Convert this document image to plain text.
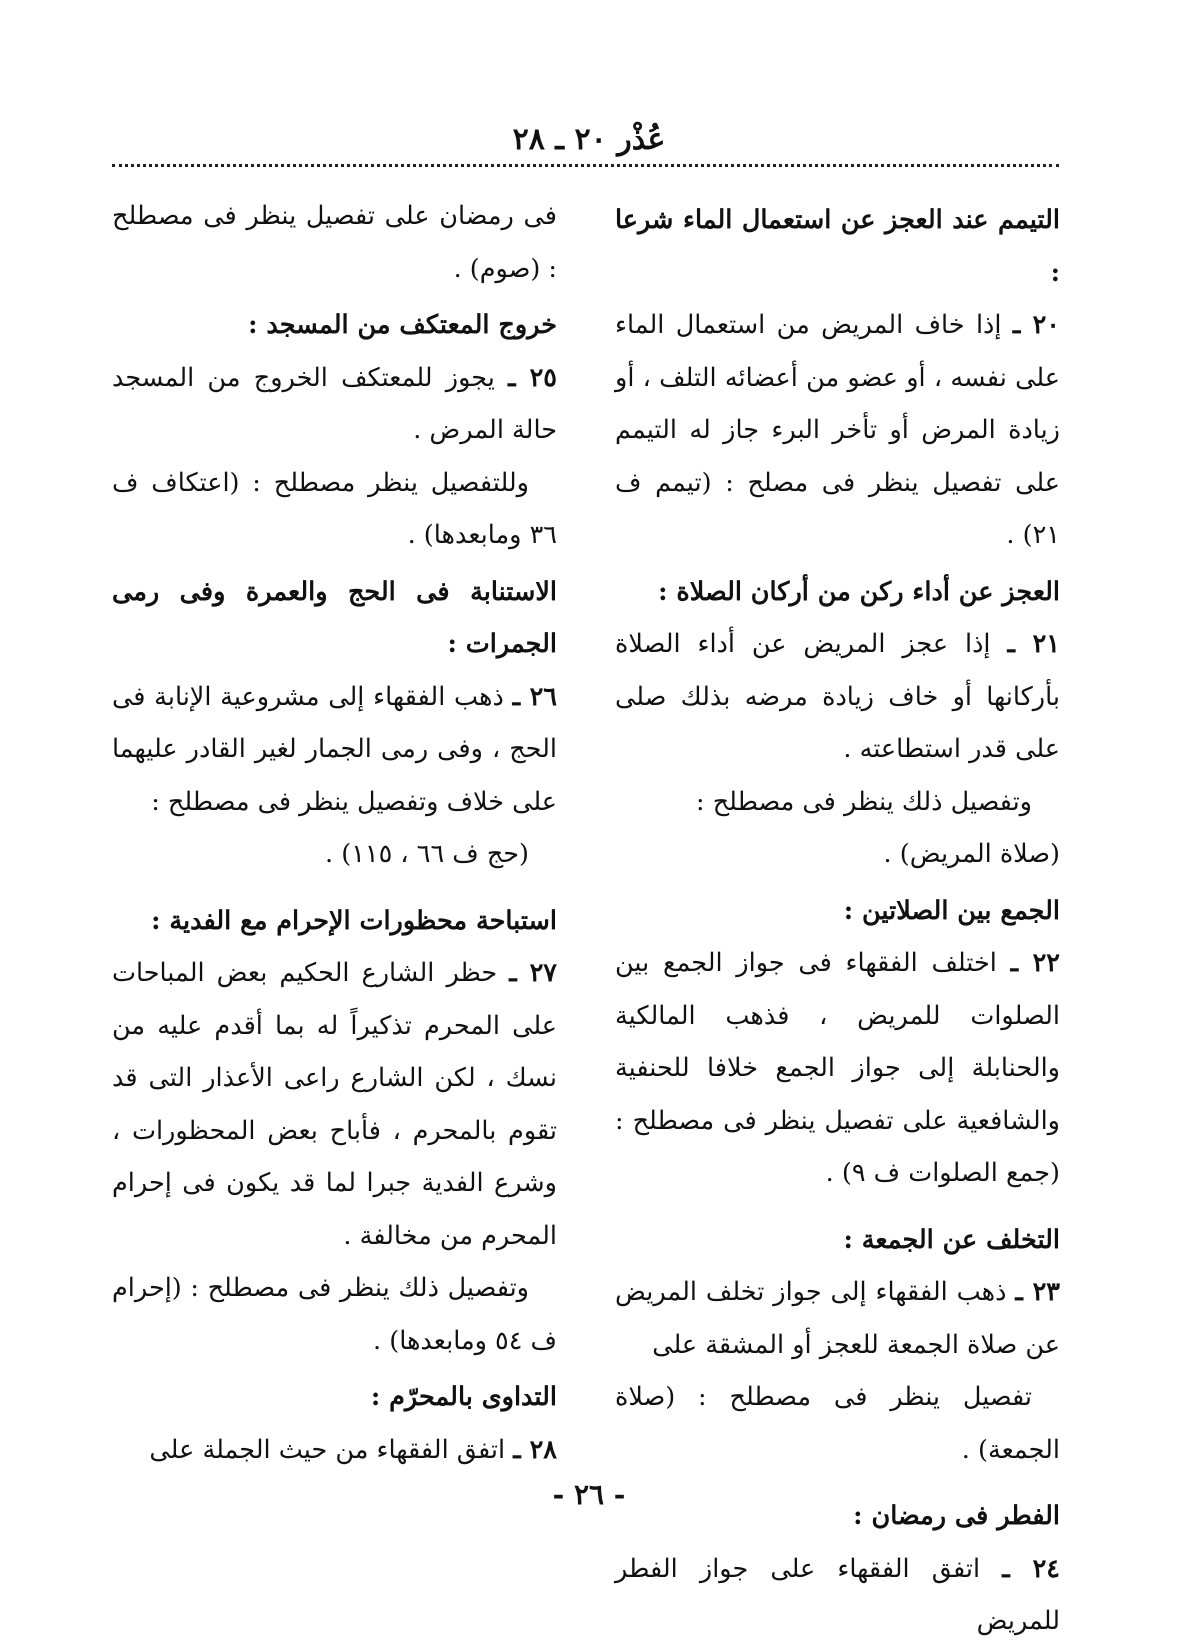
عُذْر ٢٠ ـ ٢٨

التيمم عند العجز عن استعمال الماء شرعا :

٢٠ ـ إذا خاف المريض من استعمال الماء على نفسه ، أو عضو من أعضائه التلف ، أو زيادة المرض أو تأخر البرء جاز له التيمم على تفصيل ينظر فى مصلح : (تيمم ف ٢١) .

العجز عن أداء ركن من أركان الصلاة :

٢١ ـ إذا عجز المريض عن أداء الصلاة بأركانها أو خاف زيادة مرضه بذلك صلى على قدر استطاعته .

وتفصيل ذلك ينظر فى مصطلح :

(صلاة المريض) .

الجمع بين الصلاتين :

٢٢ ـ اختلف الفقهاء فى جواز الجمع بين الصلوات للمريض ، فذهب المالكية والحنابلة إلى جواز الجمع خلافا للحنفية والشافعية على تفصيل ينظر فى مصطلح : (جمع الصلوات ف ٩) .

التخلف عن الجمعة :

٢٣ ـ ذهب الفقهاء إلى جواز تخلف المريض عن صلاة الجمعة للعجز أو المشقة على

تفصيل ينظر فى مصطلح : (صلاة الجمعة) .

الفطر فى رمضان :

٢٤ ـ اتفق الفقهاء على جواز الفطر للمريض

فى رمضان على تفصيل ينظر فى مصطلح : (صوم) .

خروج المعتكف من المسجد :

٢٥ ـ يجوز للمعتكف الخروج من المسجد حالة المرض .

وللتفصيل ينظر مصطلح : (اعتكاف ف ٣٦ ومابعدها) .

الاستنابة فى الحج والعمرة وفى رمى الجمرات :

٢٦ ـ ذهب الفقهاء إلى مشروعية الإنابة فى الحج ، وفى رمى الجمار لغير القادر عليهما على خلاف وتفصيل ينظر فى مصطلح :

(حج ف ٦٦ ، ١١٥) .

استباحة محظورات الإحرام مع الفدية :

٢٧ ـ حظر الشارع الحكيم بعض المباحات على المحرم تذكيراً له بما أقدم عليه من نسك ، لكن الشارع راعى الأعذار التى قد تقوم بالمحرم ، فأباح بعض المحظورات ، وشرع الفدية جبرا لما قد يكون فى إحرام المحرم من مخالفة .

وتفصيل ذلك ينظر فى مصطلح : (إحرام ف ٥٤ ومابعدها) .

التداوى بالمحرّم :

٢٨ ـ اتفق الفقهاء من حيث الجملة على

- ٢٦ -
